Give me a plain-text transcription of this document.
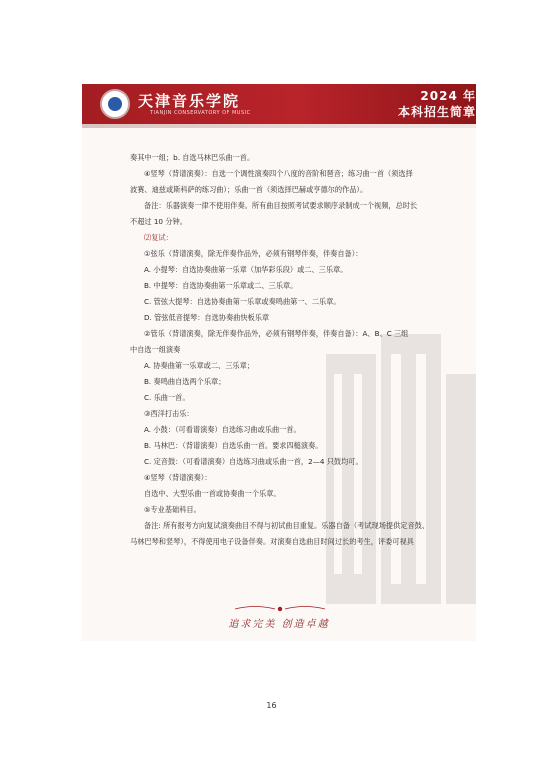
天津音乐学院
TIANJIN CONSERVATORY OF MUSIC
2024 年
本科招生简章

奏其中一组；b. 自选马林巴乐曲一首。

④竖琴（背谱演奏）：自选一个调性演奏四个八度的音阶和琶音；练习曲一首（须选择

波赛、迪兹或斯科萨的练习曲）；乐曲一首（须选择巴赫或亨德尔的作品）。

备注：乐器演奏一律不使用伴奏。所有曲目按照考试要求顺序录制成一个视频，总时长

不超过 10 分钟。

⑵复试：

①弦乐（背谱演奏，除无伴奏作品外，必须有钢琴伴奏，伴奏自备）：

A. 小提琴：自选协奏曲第一乐章（加华彩乐段）或二、三乐章。

B. 中提琴：自选协奏曲第一乐章或二、三乐章。

C. 管弦大提琴：自选协奏曲第一乐章或奏鸣曲第一、二乐章。

D. 管弦低音提琴：自选协奏曲快板乐章

②管乐（背谱演奏，除无伴奏作品外，必须有钢琴伴奏，伴奏自备）：A、B、C 三组

中自选一组演奏

A. 协奏曲第一乐章或二、三乐章；

B. 奏鸣曲自选两个乐章；

C. 乐曲一首。

③西洋打击乐：

A. 小鼓：（可看谱演奏）自选练习曲或乐曲一首。

B. 马林巴：（背谱演奏）自选乐曲一首。要求四槌演奏。

C. 定音鼓：（可看谱演奏）自选练习曲或乐曲一首，2—4 只鼓均可。

④竖琴（背谱演奏）：

自选中、大型乐曲一首或协奏曲一个乐章。

⑤专业基础科目。

备注: 所有报考方向复试演奏曲目不得与初试曲目重复。乐器自备（考试现场提供定音鼓、

马林巴琴和竖琴），不得使用电子设备伴奏。对演奏自选曲目时间过长的考生，评委可视具

追求完美 创造卓越
16
